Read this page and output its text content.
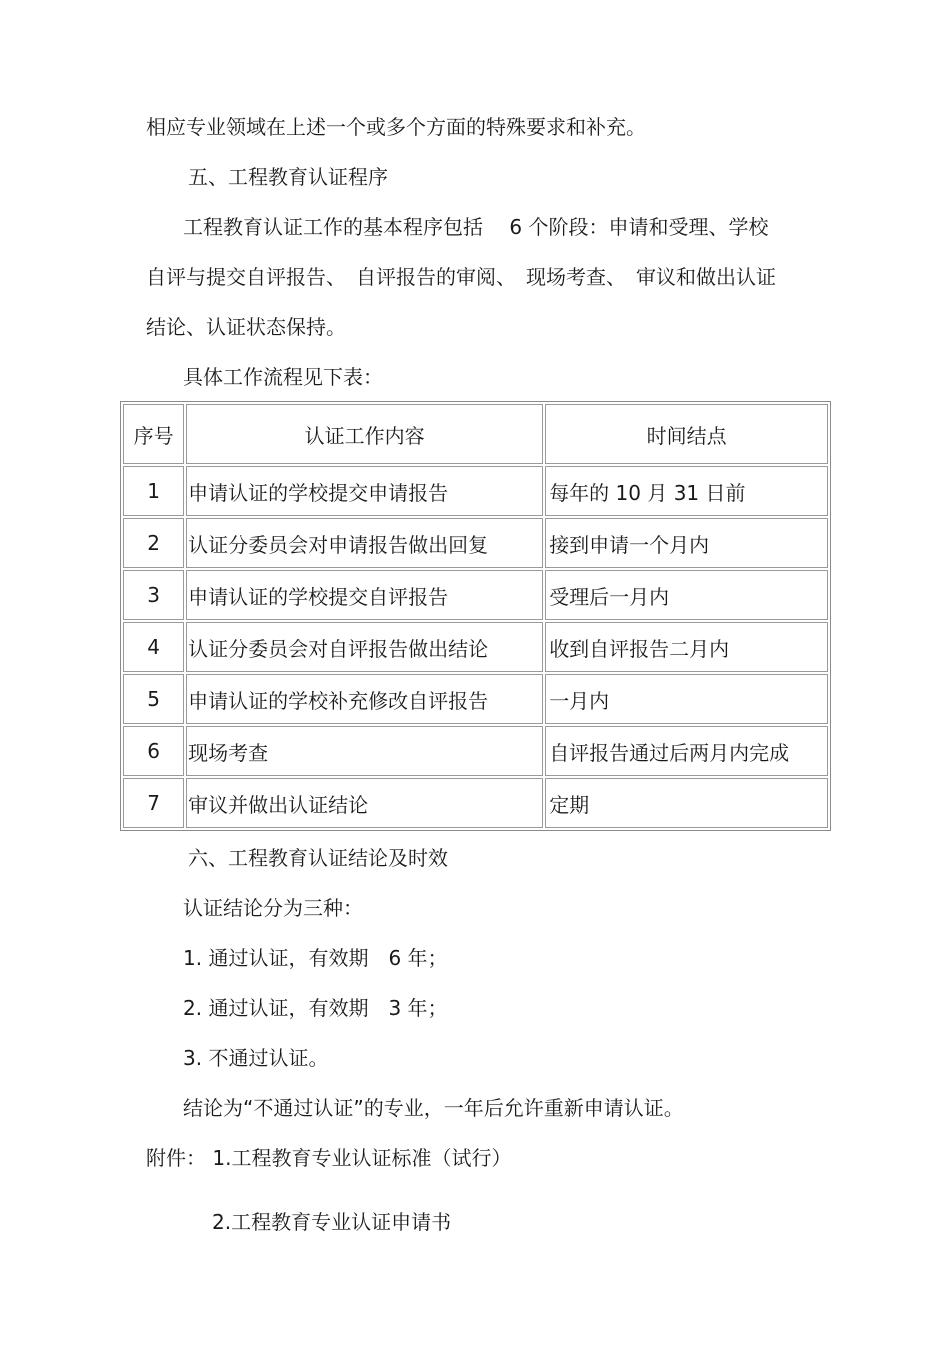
相应专业领域在上述一个或多个方面的特殊要求和补充。
五、工程教育认证程序
工程教育认证工作的基本程序包括　 6 个阶段：申请和受理、学校
自评与提交自评报告、　自评报告的审阅、　现场考查、　审议和做出认证
结论、认证状态保持。
具体工作流程见下表：
序号	认证工作内容	时间结点
1	申请认证的学校提交申请报告	每年的 10 月 31 日前
2	认证分委员会对申请报告做出回复	接到申请一个月内
3	申请认证的学校提交自评报告	受理后一月内
4	认证分委员会对自评报告做出结论	收到自评报告二月内
5	申请认证的学校补充修改自评报告	一月内
6	现场考查	自评报告通过后两月内完成
7	审议并做出认证结论	定期
六、工程教育认证结论及时效
认证结论分为三种：
1. 通过认证，有效期　6 年；
2. 通过认证，有效期　3 年；
3. 不通过认证。
结论为“不通过认证”的专业，一年后允许重新申请认证。
附件： 1.工程教育专业认证标准（试行）
2.工程教育专业认证申请书
